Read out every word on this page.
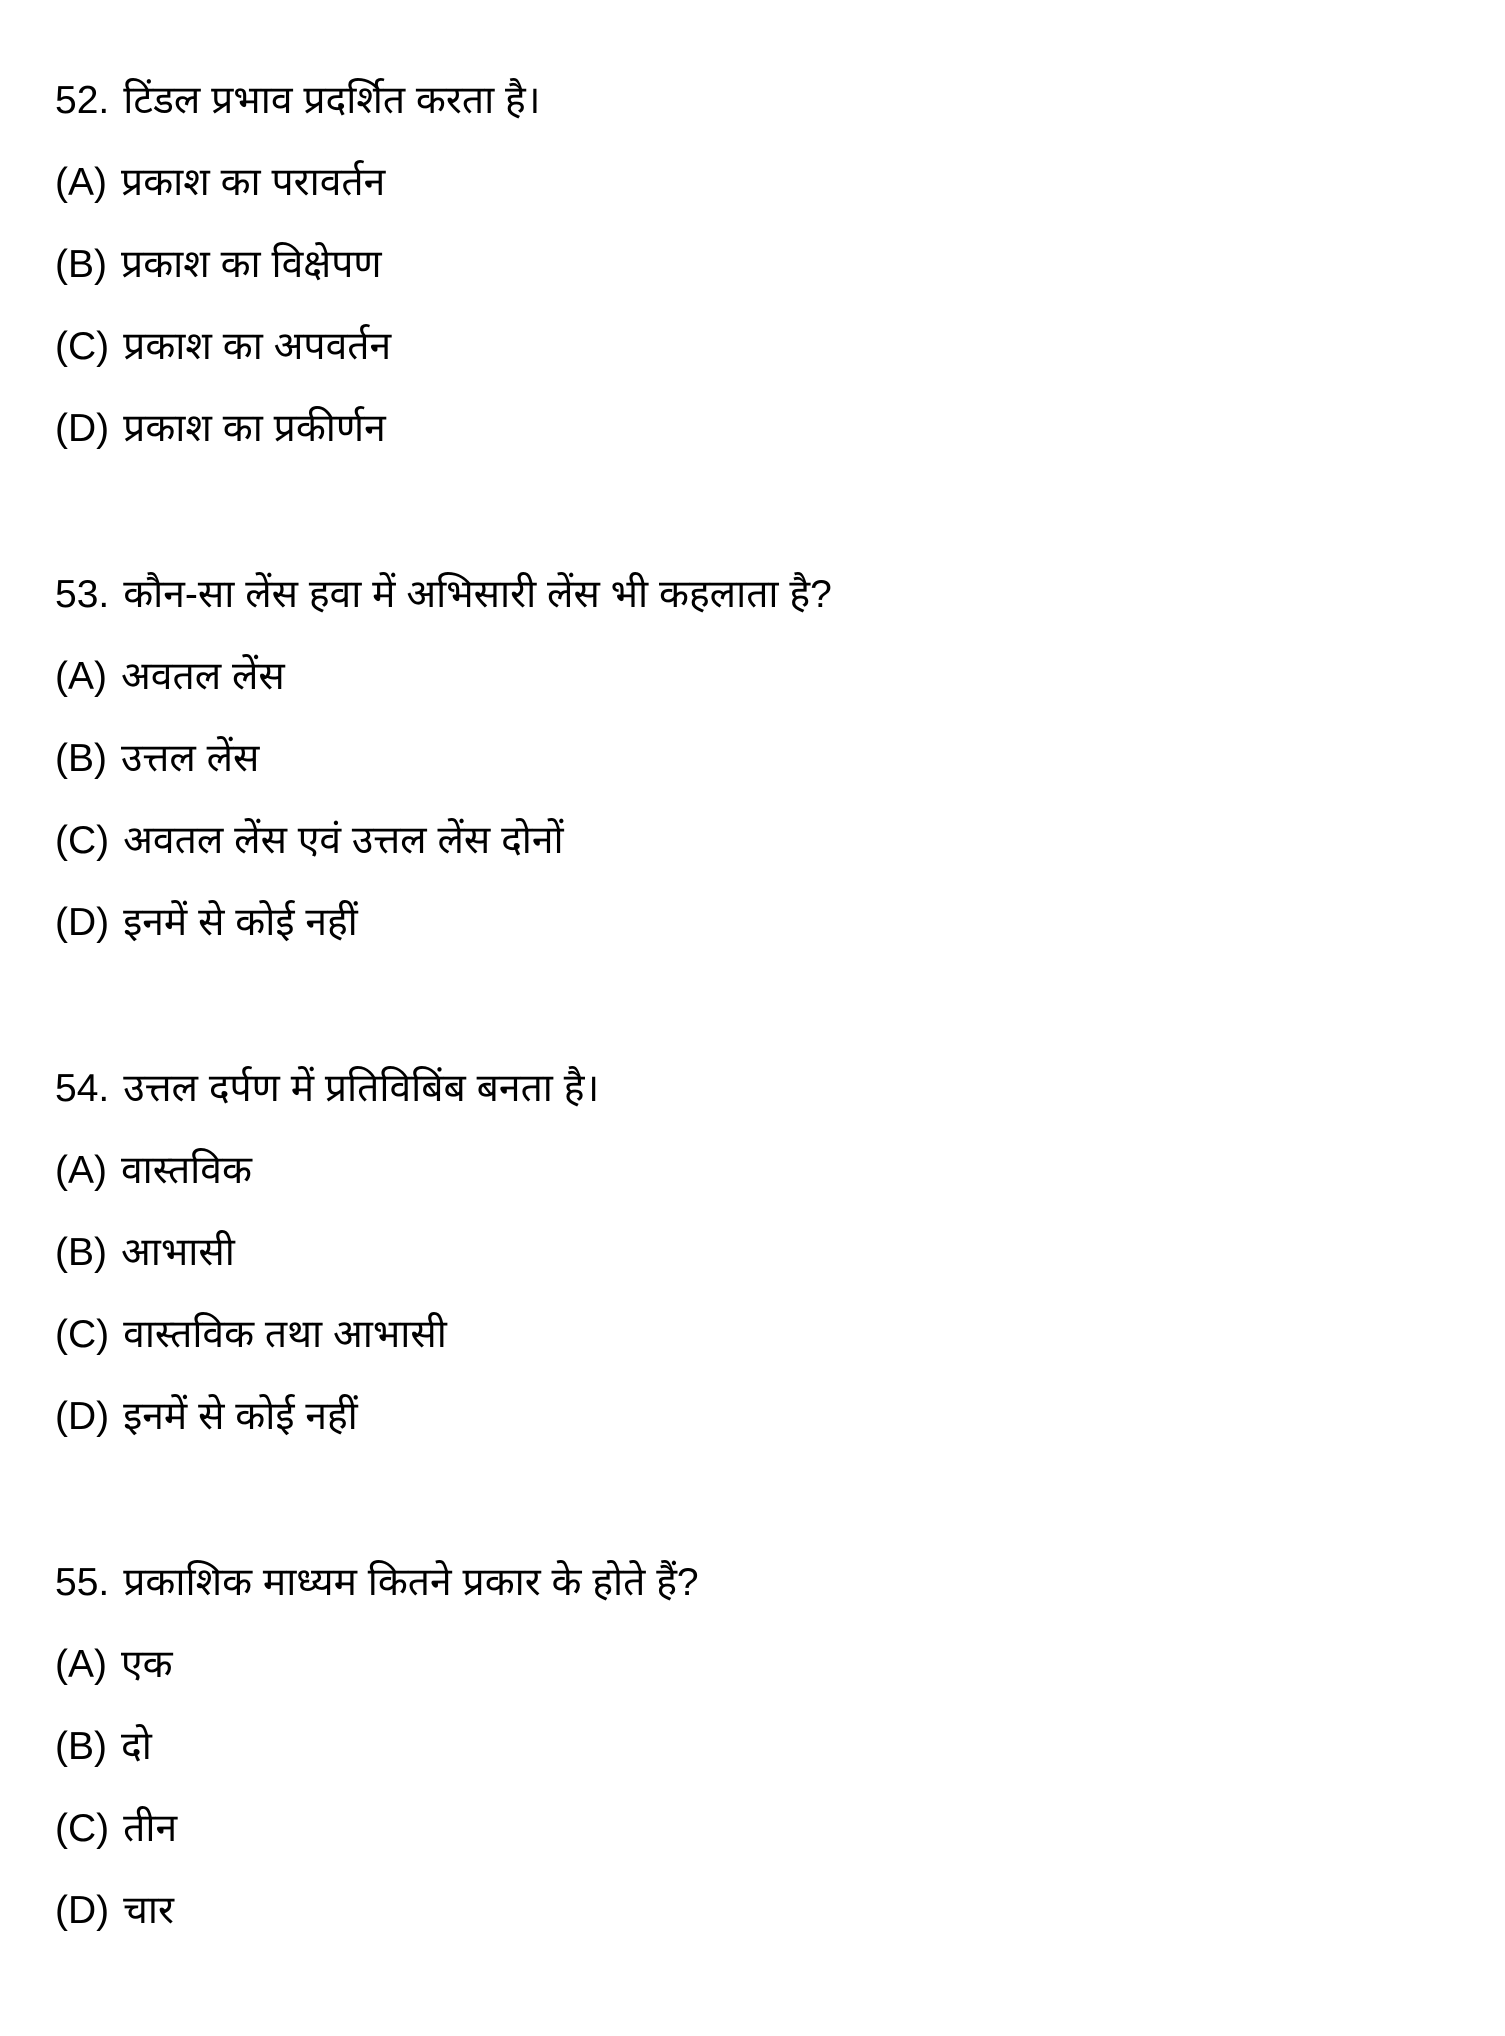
52. टिंडल प्रभाव प्रदर्शित करता है।
(A) प्रकाश का परावर्तन
(B) प्रकाश का विक्षेपण
(C) प्रकाश का अपवर्तन
(D) प्रकाश का प्रकीर्णन
53. कौन-सा लेंस हवा में अभिसारी लेंस भी कहलाता है?
(A) अवतल लेंस
(B) उत्तल लेंस
(C) अवतल लेंस एवं उत्तल लेंस दोनों
(D) इनमें से कोई नहीं
54. उत्तल दर्पण में प्रतिविबिंब बनता है।
(A) वास्तविक
(B) आभासी
(C) वास्तविक तथा आभासी
(D) इनमें से कोई नहीं
55. प्रकाशिक माध्यम कितने प्रकार के होते हैं?
(A) एक
(B) दो
(C) तीन
(D) चार
